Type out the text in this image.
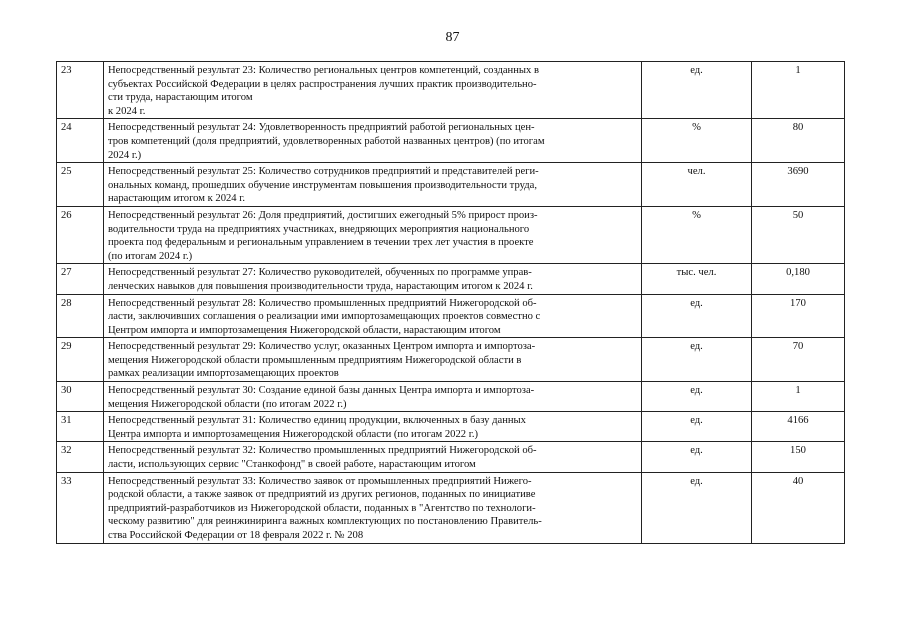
87
23	Непосредственный результат 23: Количество региональных центров компетенций, созданных в
субъектах Российской Федерации в целях распространения лучших практик производительно-
сти труда, нарастающим итогом
к 2024 г.	ед.	1
24	Непосредственный результат 24: Удовлетворенность предприятий работой региональных цен-
тров компетенций (доля предприятий, удовлетворенных работой названных центров) (по итогам
2024 г.)	%	80
25	Непосредственный результат 25: Количество сотрудников предприятий и представителей реги-
ональных команд, прошедших обучение инструментам повышения производительности труда,
нарастающим итогом к 2024 г.	чел.	3690
26	Непосредственный результат 26: Доля предприятий, достигших ежегодный 5% прирост произ-
водительности труда на предприятиях участниках, внедряющих мероприятия национального
проекта под федеральным и региональным управлением в течении трех лет участия в проекте
(по итогам 2024 г.)	%	50
27	Непосредственный результат 27: Количество руководителей, обученных по программе управ-
ленческих навыков для повышения производительности труда, нарастающим итогом к 2024 г.	тыс. чел.	0,180
28	Непосредственный результат 28: Количество промышленных предприятий Нижегородской об-
ласти, заключивших соглашения о реализации ими импортозамещающих проектов совместно с
Центром импорта и импортозамещения Нижегородской области, нарастающим итогом	ед.	170
29	Непосредственный результат 29: Количество услуг, оказанных Центром импорта и импортоза-
мещения Нижегородской области промышленным предприятиям Нижегородской области в
рамках реализации импортозамещающих проектов	ед.	70
30	Непосредственный результат 30: Создание единой базы данных Центра импорта и импортоза-
мещения Нижегородской области (по итогам 2022 г.)	ед.	1
31	Непосредственный результат 31: Количество единиц продукции, включенных в базу данных
Центра импорта и импортозамещения Нижегородской области (по итогам 2022 г.)	ед.	4166
32	Непосредственный результат 32: Количество промышленных предприятий Нижегородской об-
ласти, использующих сервис "Станкофонд" в своей работе, нарастающим итогом	ед.	150
33	Непосредственный результат 33: Количество заявок от промышленных предприятий Нижего-
родской области, а также заявок от предприятий из других регионов, поданных по инициативе
предприятий-разработчиков из Нижегородской области, поданных в "Агентство по технологи-
ческому развитию" для реинжиниринга важных комплектующих по постановлению Правитель-
ства Российской Федерации от 18 февраля 2022 г. № 208	ед.	40
